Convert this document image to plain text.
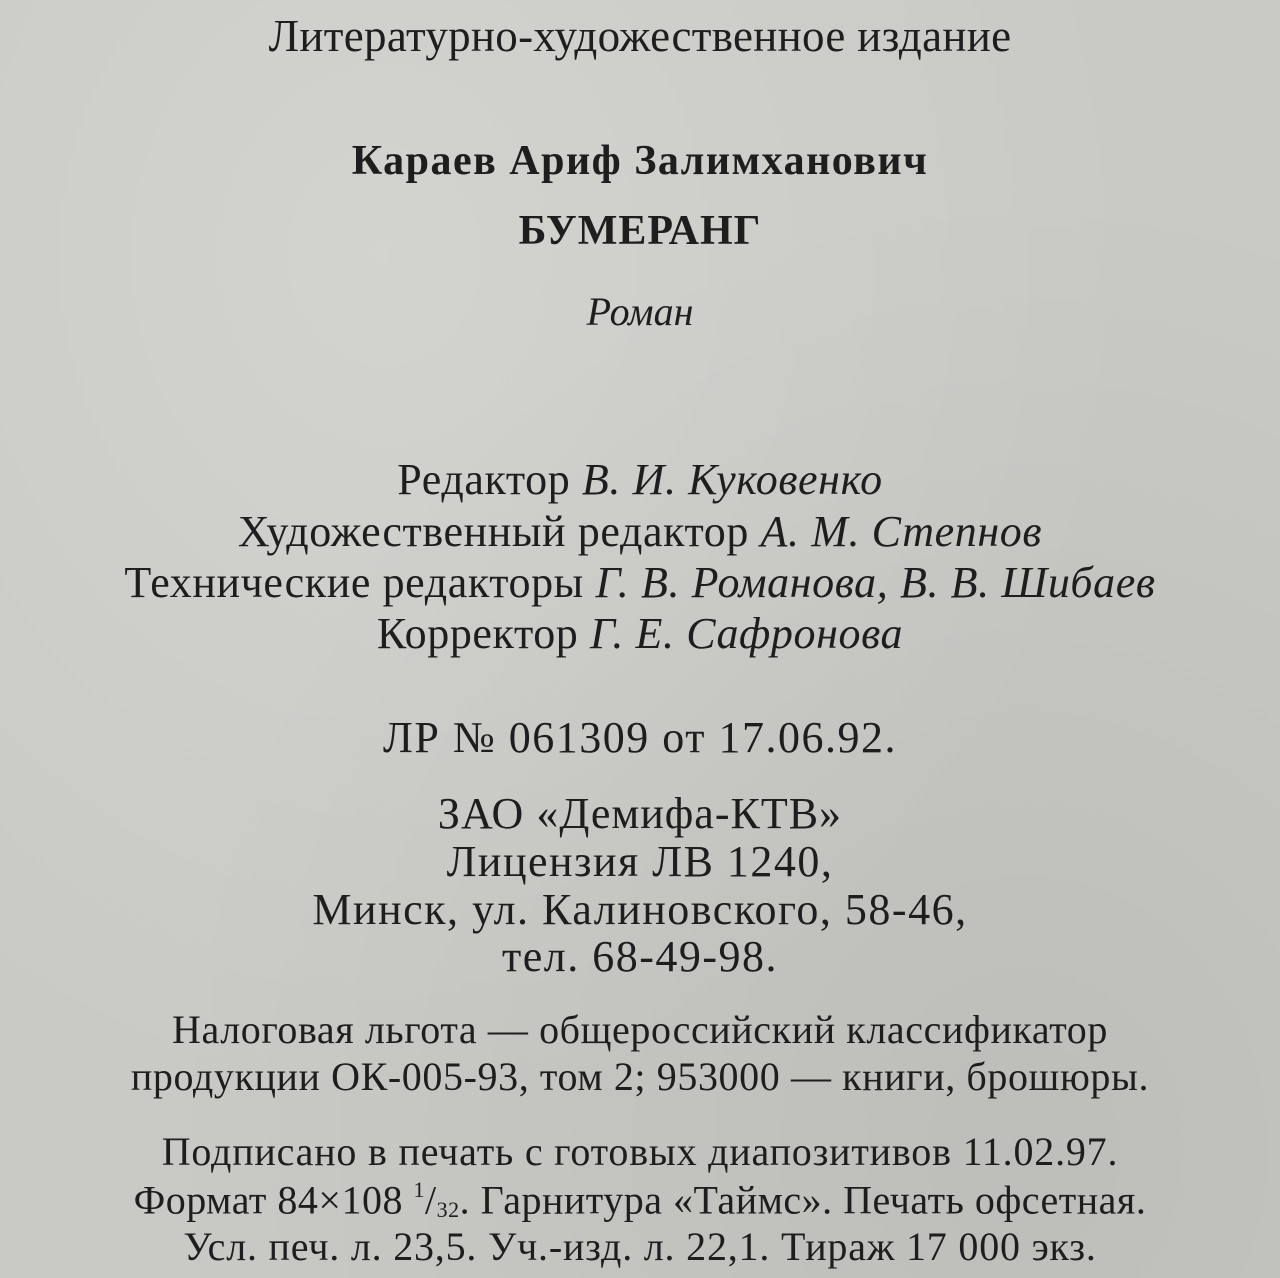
Литературно-художественное издание
Караев Ариф Залимханович
БУМЕРАНГ
Роман
Редактор В. И. Куковенко
Художественный редактор А. М. Степнов
Технические редакторы Г. В. Романова, В. В. Шибаев
Корректор Г. Е. Сафронова
ЛР № 061309 от 17.06.92.
ЗАО «Демифа-КТВ»
Лицензия ЛВ 1240,
Минск, ул. Калиновского, 58-46,
тел. 68-49-98.
Налоговая льгота — общероссийский классификатор
продукции ОК-005-93, том 2; 953000 — книги, брошюры.
Подписано в печать с готовых диапозитивов 11.02.97.
Формат 84×108 $^1/_{32}$. Гарнитура «Таймс». Печать офсетная.
Усл. печ. л. 23,5. Уч.-изд. л. 22,1. Тираж 17 000 экз.
